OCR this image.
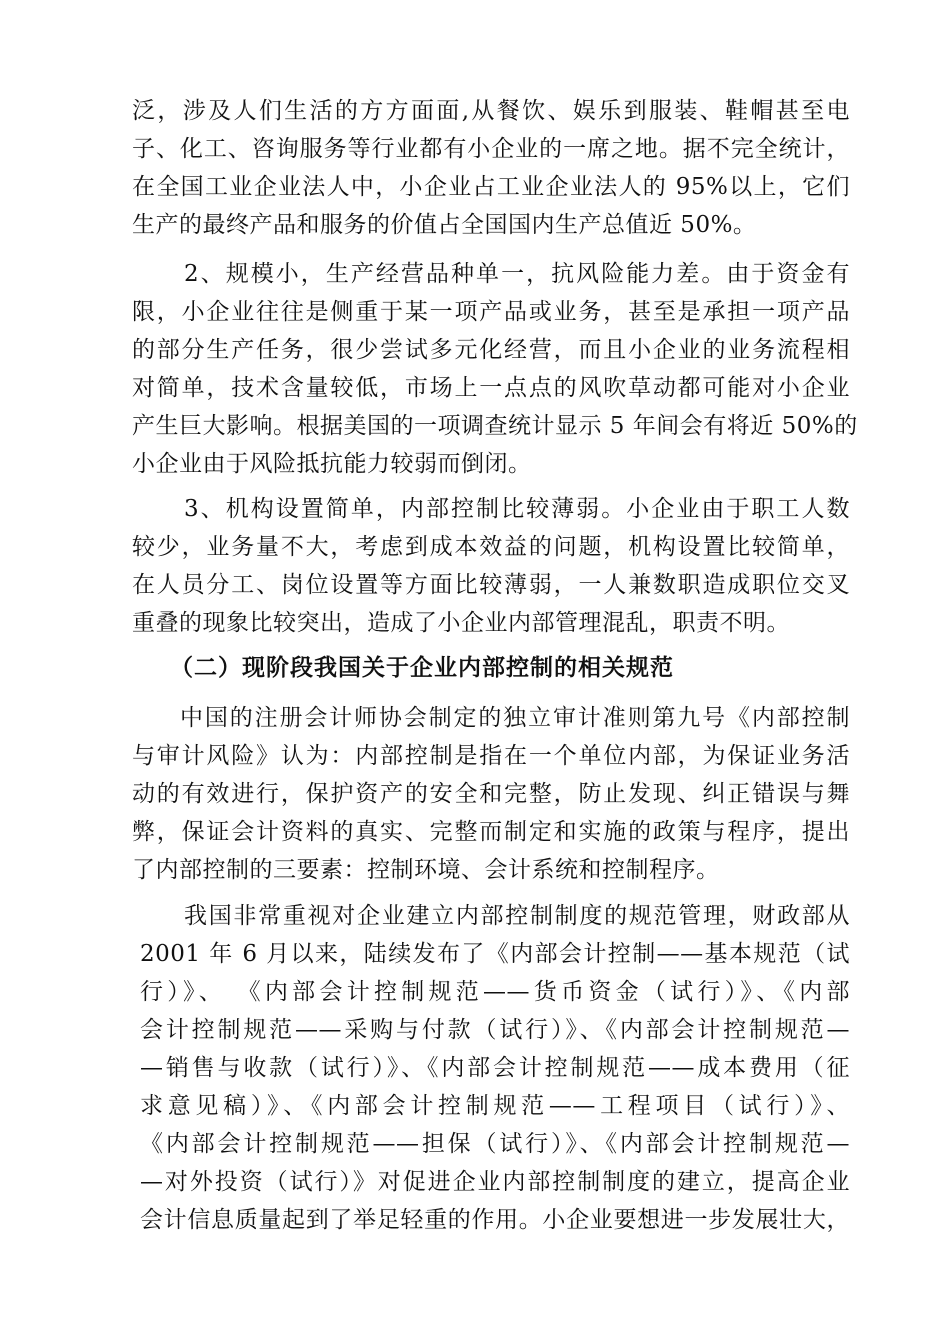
泛，涉及人们生活的方方面面,从餐饮、娱乐到服装、鞋帽甚至电
子、化工、咨询服务等行业都有小企业的一席之地。据不完全统计，
在全国工业企业法人中，小企业占工业企业法人的 95%以上，它们
生产的最终产品和服务的价值占全国国内生产总值近 50%。
2、规模小，生产经营品种单一，抗风险能力差。由于资金有
限，小企业往往是侧重于某一项产品或业务，甚至是承担一项产品
的部分生产任务，很少尝试多元化经营，而且小企业的业务流程相
对简单，技术含量较低，市场上一点点的风吹草动都可能对小企业
产生巨大影响。根据美国的一项调查统计显示 5 年间会有将近 50%的
小企业由于风险抵抗能力较弱而倒闭。
3、机构设置简单，内部控制比较薄弱。小企业由于职工人数
较少，业务量不大，考虑到成本效益的问题，机构设置比较简单，
在人员分工、岗位设置等方面比较薄弱，一人兼数职造成职位交叉
重叠的现象比较突出，造成了小企业内部管理混乱，职责不明。
（二）现阶段我国关于企业内部控制的相关规范
中国的注册会计师协会制定的独立审计准则第九号《内部控制
与审计风险》认为：内部控制是指在一个单位内部，为保证业务活
动的有效进行，保护资产的安全和完整，防止发现、纠正错误与舞
弊，保证会计资料的真实、完整而制定和实施的政策与程序，提出
了内部控制的三要素：控制环境、会计系统和控制程序。
我国非常重视对企业建立内部控制制度的规范管理，财政部从
2001 年 6 月以来，陆续发布了《内部会计控制——基本规范（试
行）》、 《内部会计控制规范——货币资金（试行）》、《内部
会计控制规范——采购与付款（试行）》、《内部会计控制规范—
—销售与收款（试行）》、《内部会计控制规范——成本费用（征
求意见稿）》、《内部会计控制规范——工程项目（试行）》、
《内部会计控制规范——担保（试行）》、《内部会计控制规范—
—对外投资（试行）》对促进企业内部控制制度的建立，提高企业
会计信息质量起到了举足轻重的作用。小企业要想进一步发展壮大，
